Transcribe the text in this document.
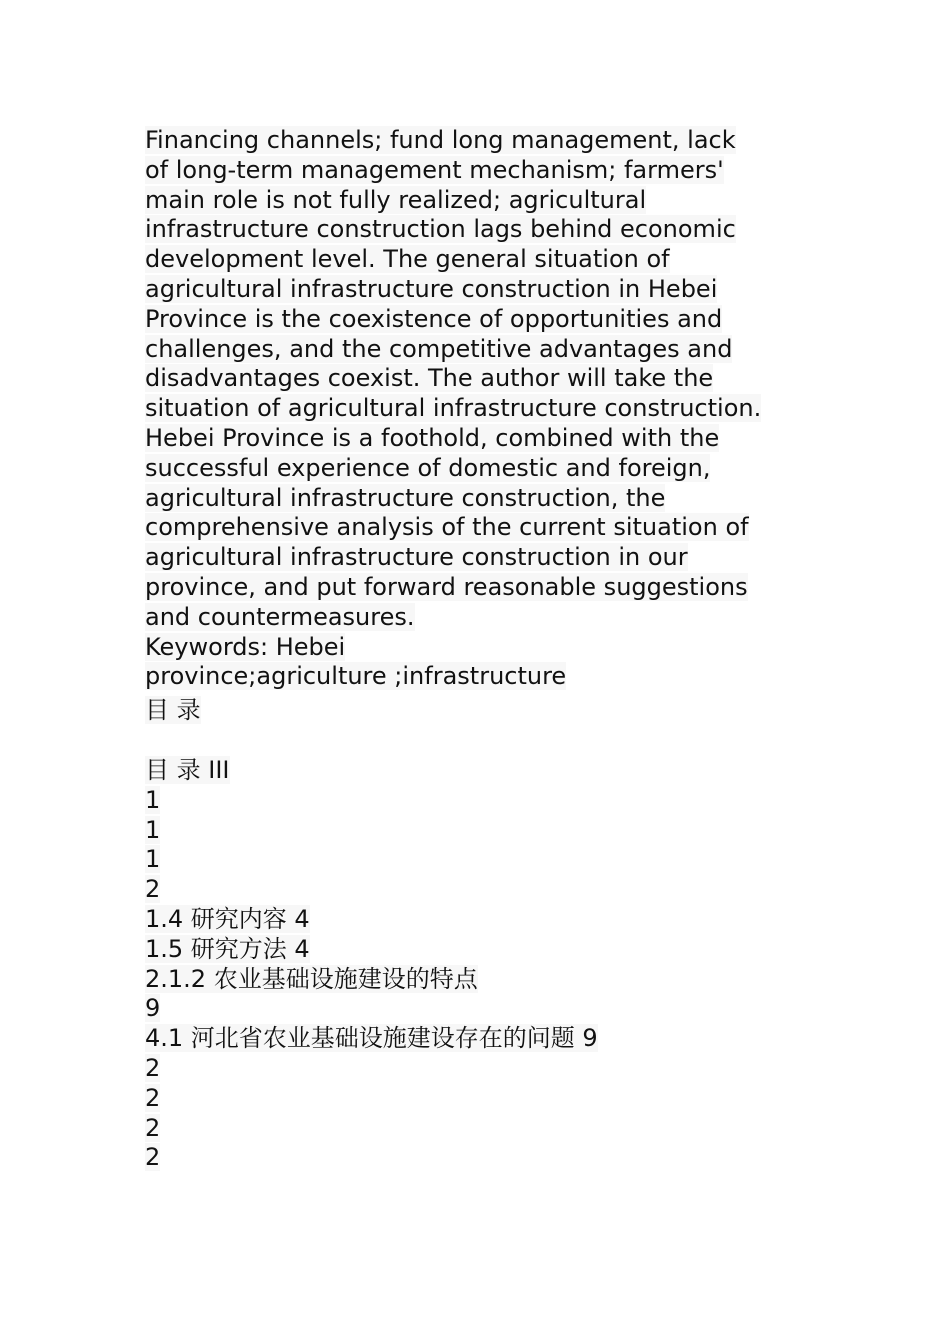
Financing channels; fund long management, lack
of long-term management mechanism; farmers'
main role is not fully realized; agricultural
infrastructure construction lags behind economic
development level. The general situation of
agricultural infrastructure construction in Hebei
Province is the coexistence of opportunities and
challenges, and the competitive advantages and
disadvantages coexist. The author will take the
situation of agricultural infrastructure construction.
Hebei Province is a foothold, combined with the
successful experience of domestic and foreign,
agricultural infrastructure construction, the
comprehensive analysis of the current situation of
agricultural infrastructure construction in our
province, and put forward reasonable suggestions
and countermeasures.
Keywords: Hebei
province;agriculture ;infrastructure
目 录
目 录 III
1
1
1
2
1.4 研究内容 4
1.5 研究方法 4
2.1.2 农业基础设施建设的特点
9
4.1 河北省农业基础设施建设存在的问题 9
2
2
2
2
